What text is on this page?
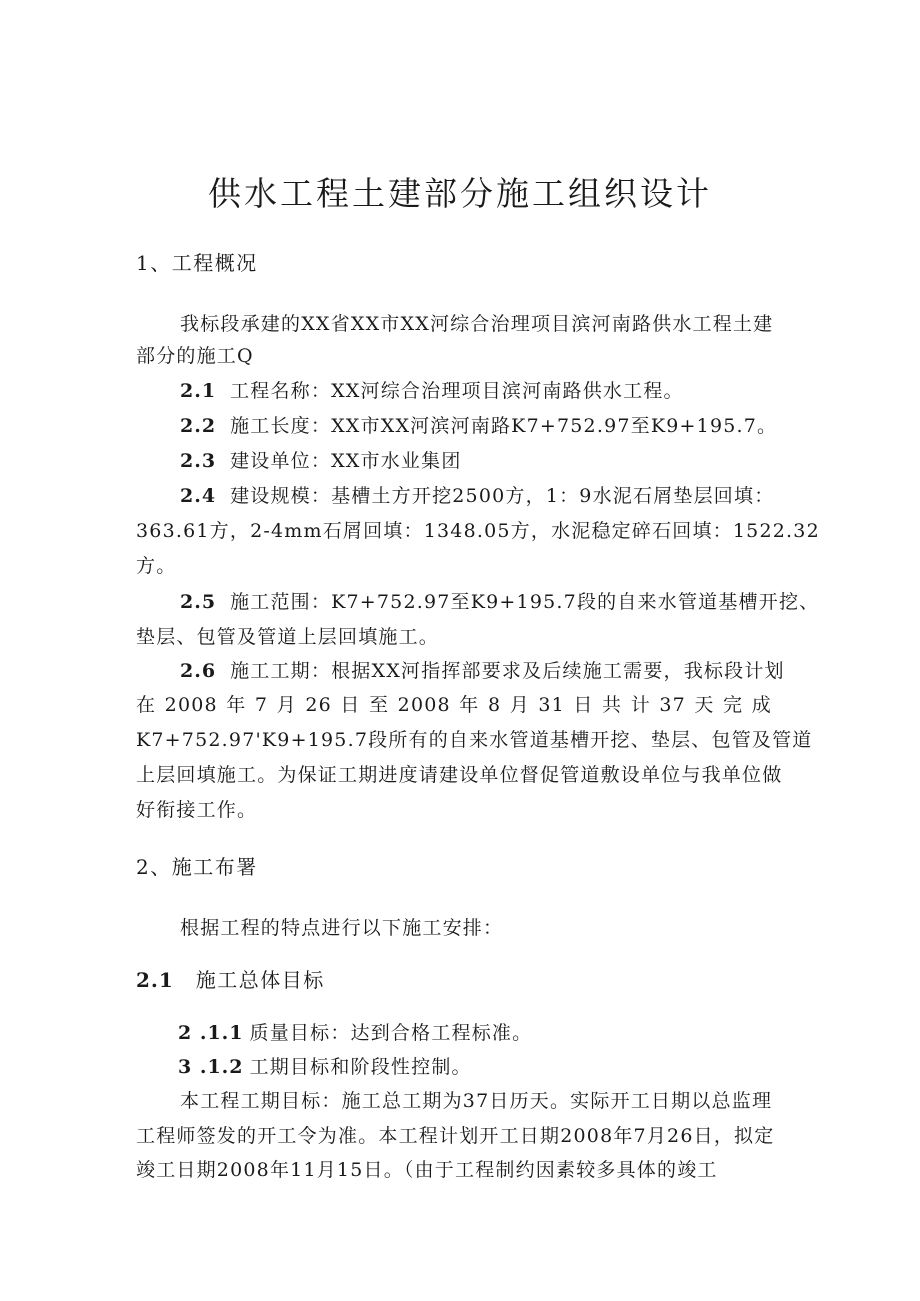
供水工程土建部分施工组织设计
1、工程概况
我标段承建的XX省XX市XX河综合治理项目滨河南路供水工程土建
部分的施工Q
2.1 工程名称：XX河综合治理项目滨河南路供水工程。
2.2 施工长度：XX市XX河滨河南路K7+752.97至K9+195.7。
2.3 建设单位：XX市水业集团
2.4 建设规模：基槽土方开挖2500方，1：9水泥石屑垫层回填：
363.61方，2-4mm石屑回填：1348.05方，水泥稳定碎石回填：1522.32
方。
2.5 施工范围：K7+752.97至K9+195.7段的自来水管道基槽开挖、
垫层、包管及管道上层回填施工。
2.6 施工工期：根据XX河指挥部要求及后续施工需要，我标段计划
在 2008 年 7 月 26 日 至 2008 年 8 月 31 日 共 计 37 天 完 成
K7+752.97'K9+195.7段所有的自来水管道基槽开挖、垫层、包管及管道
上层回填施工。为保证工期进度请建设单位督促管道敷设单位与我单位做
好衔接工作。
2、施工布署
根据工程的特点进行以下施工安排：
2.1 施工总体目标
2 .1.1 质量目标：达到合格工程标准。
3 .1.2 工期目标和阶段性控制。
本工程工期目标：施工总工期为37日历天。实际开工日期以总监理
工程师签发的开工令为准。本工程计划开工日期2008年7月26日，拟定
竣工日期2008年11月15日。（由于工程制约因素较多具体的竣工
